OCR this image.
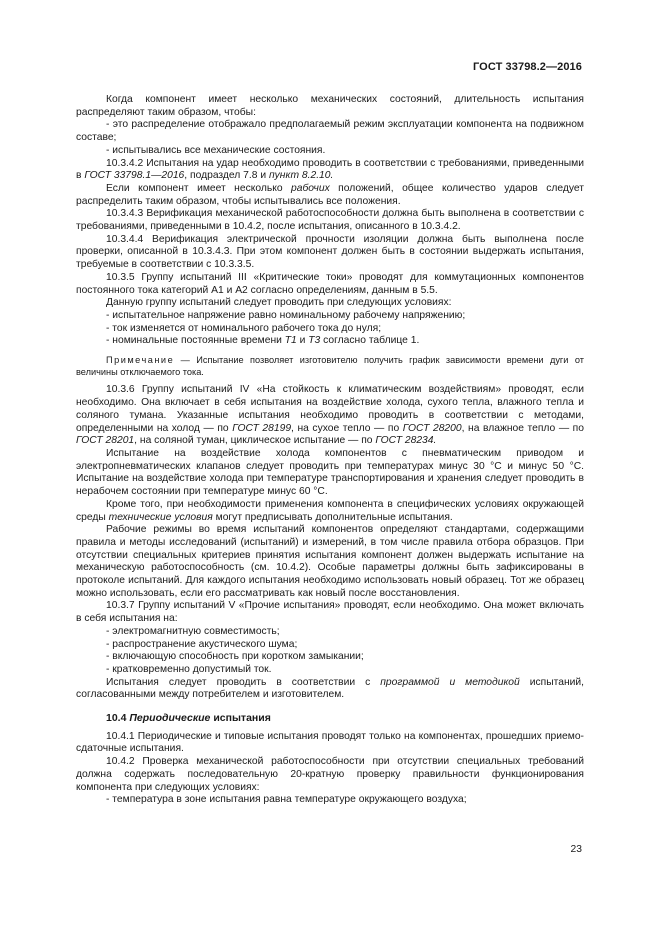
ГОСТ 33798.2—2016

Когда компонент имеет несколько механических состояний, длительность испытания распределяют таким образом, чтобы:

- это распределение отображало предполагаемый режим эксплуатации компонента на подвижном составе;

- испытывались все механические состояния.

10.3.4.2 Испытания на удар необходимо проводить в соответствии с требованиями, приведенными в ГОСТ 33798.1—2016, подраздел 7.8 и пункт 8.2.10.

Если компонент имеет несколько рабочих положений, общее количество ударов следует распределить таким образом, чтобы испытывались все положения.

10.3.4.3 Верификация механической работоспособности должна быть выполнена в соответствии с требованиями, приведенными в 10.4.2, после испытания, описанного в 10.3.4.2.

10.3.4.4 Верификация электрической прочности изоляции должна быть выполнена после проверки, описанной в 10.3.4.3. При этом компонент должен быть в состоянии выдержать испытания, требуемые в соответствии с 10.3.3.5.

10.3.5 Группу испытаний III «Критические токи» проводят для коммутационных компонентов постоянного тока категорий А1 и А2 согласно определениям, данным в 5.5.

Данную группу испытаний следует проводить при следующих условиях:

- испытательное напряжение равно номинальному рабочему напряжению;

- ток изменяется от номинального рабочего тока до нуля;

- номинальные постоянные времени T1 и T3 согласно таблице 1.

Примечание — Испытание позволяет изготовителю получить график зависимости времени дуги от величины отключаемого тока.

10.3.6 Группу испытаний IV «На стойкость к климатическим воздействиям» проводят, если необходимо. Она включает в себя испытания на воздействие холода, сухого тепла, влажного тепла и соляного тумана. Указанные испытания необходимо проводить в соответствии с методами, определенными на холод — по ГОСТ 28199, на сухое тепло — по ГОСТ 28200, на влажное тепло — по ГОСТ 28201, на соляной туман, циклическое испытание — по ГОСТ 28234.

Испытание на воздействие холода компонентов с пневматическим приводом и электропневматических клапанов следует проводить при температурах минус 30 °С и минус 50 °С. Испытание на воздействие холода при температуре транспортирования и хранения следует проводить в нерабочем состоянии при температуре минус 60 °С.

Кроме того, при необходимости применения компонента в специфических условиях окружающей среды технические условия могут предписывать дополнительные испытания.

Рабочие режимы во время испытаний компонентов определяют стандартами, содержащими правила и методы исследований (испытаний) и измерений, в том числе правила отбора образцов. При отсутствии специальных критериев принятия испытания компонент должен выдержать испытание на механическую работоспособность (см. 10.4.2). Особые параметры должны быть зафиксированы в протоколе испытаний. Для каждого испытания необходимо использовать новый образец. Тот же образец можно использовать, если его рассматривать как новый после восстановления.

10.3.7 Группу испытаний V «Прочие испытания» проводят, если необходимо. Она может включать в себя испытания на:

- электромагнитную совместимость;

- распространение акустического шума;

- включающую способность при коротком замыкании;

- кратковременно допустимый ток.

Испытания следует проводить в соответствии с программой и методикой испытаний, согласованными между потребителем и изготовителем.

10.4 Периодические испытания

10.4.1 Периодические и типовые испытания проводят только на компонентах, прошедших приемо-сдаточные испытания.

10.4.2 Проверка механической работоспособности при отсутствии специальных требований должна содержать последовательную 20-кратную проверку правильности функционирования компонента при следующих условиях:

- температура в зоне испытания равна температуре окружающего воздуха;

23
